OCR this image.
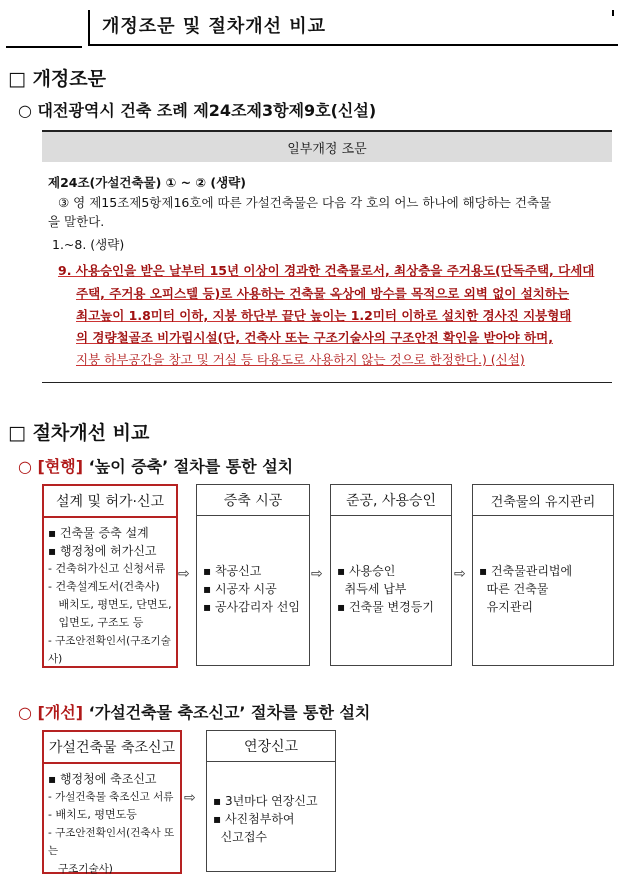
개정조문 및 절차개선 비교
□ 개정조문
○ 대전광역시 건축 조례 제24조제3항제9호(신설)
일부개정 조문
제24조(가설건축물) ① ~ ② (생략)
③ 영 제15조제5항제16호에 따른 가설건축물은 다음 각 호의 어느 하나에 해당하는 건축물
을 말한다.
1.~8. (생략)
9. 사용승인을 받은 날부터 15년 이상이 경과한 건축물로서, 최상층을 주거용도(단독주택, 다세대
주택, 주거용 오피스텔 등)로 사용하는 건축물 옥상에 방수를 목적으로 외벽 없이 설치하는
최고높이 1.8미터 이하, 지붕 하단부 끝단 높이는 1.2미터 이하로 설치한 경사진 지붕형태
의 경량철골조 비가림시설(단, 건축사 또는 구조기술사의 구조안전 확인을 받아야 하며,
지붕 하부공간을 창고 및 거실 등 타용도로 사용하지 않는 것으로 한정한다.) (신설)
□ 절차개선 비교
○ [현행] ‘높이 증축’ 절차를 통한 설치
설계 및 허가·신고
▪ 건축물 증축 설계
▪ 행정청에 허가신고
- 건축허가신고 신청서류
- 건축설계도서(건축사)
배치도, 평면도, 단면도,
입면도, 구조도 등
- 구조안전확인서(구조기술사)
⇨
증축 시공
▪ 착공신고
▪ 시공자 시공
▪ 공사감리자 선임
⇨
준공, 사용승인
▪ 사용승인
취득세 납부
▪ 건축물 변경등기
⇨
건축물의 유지관리
▪ 건축물관리법에
따른 건축물
유지관리
○ [개선] ‘가설건축물 축조신고’ 절차를 통한 설치
가설건축물 축조신고
▪ 행정청에 축조신고
- 가설건축물 축조신고 서류
- 배치도, 평면도등
- 구조안전확인서(건축사 또는
구조기술사)
⇨
연장신고
▪ 3년마다 연장신고
▪ 사진첨부하여
신고접수
